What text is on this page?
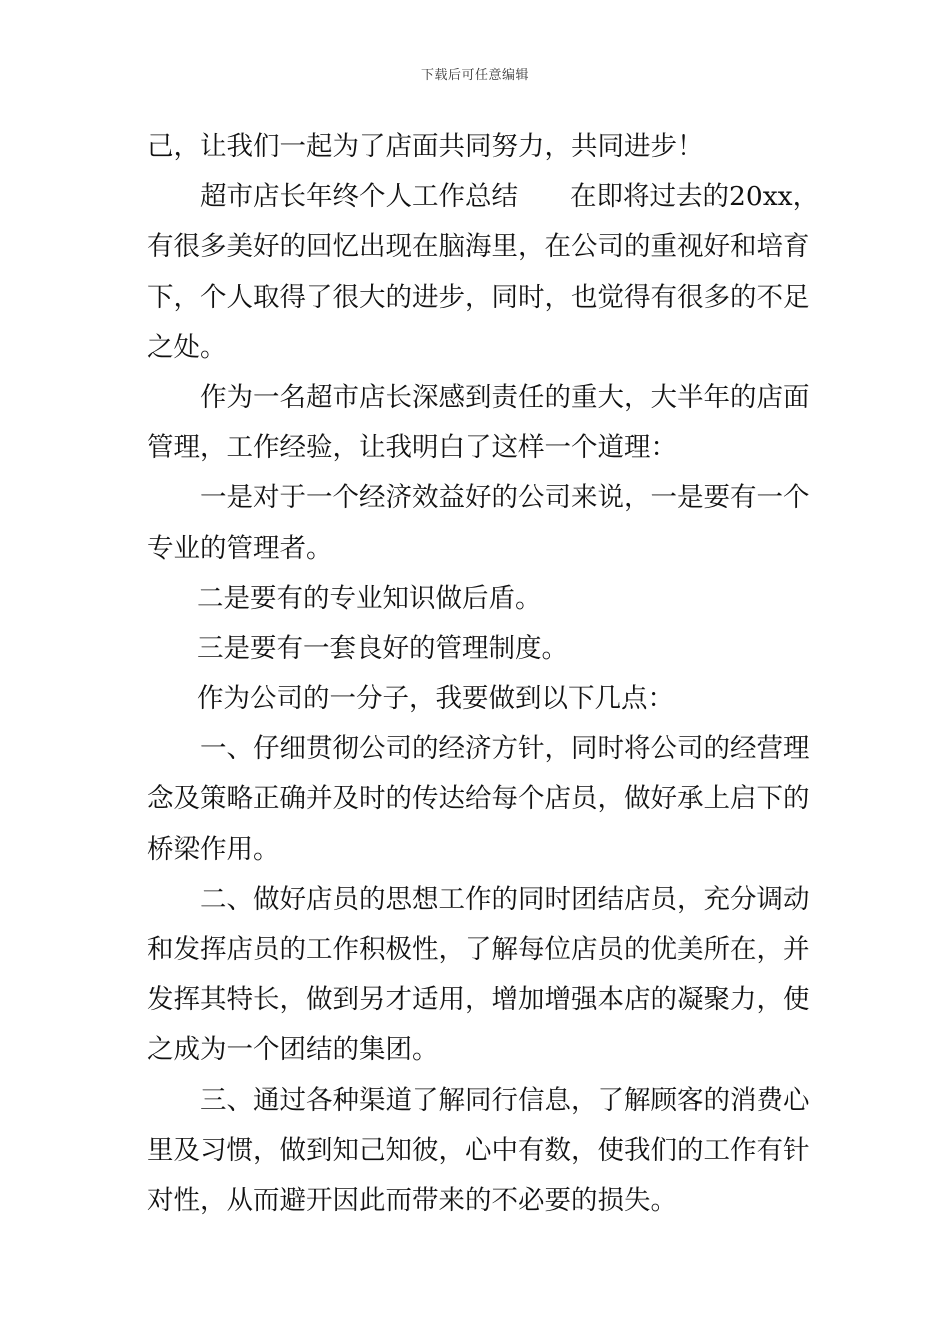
下载后可任意编辑
己，让我们一起为了店面共同努力，共同进步！
超市店长年终个人工作总结 在即将过去的20xx，
有很多美好的回忆出现在脑海里，在公司的重视好和培育
下，个人取得了很大的进步，同时，也觉得有很多的不足
之处。
作为一名超市店长深感到责任的重大，大半年的店面
管理，工作经验，让我明白了这样一个道理：
一是对于一个经济效益好的公司来说，一是要有一个
专业的管理者。
二是要有的专业知识做后盾。
三是要有一套良好的管理制度。
作为公司的一分子，我要做到以下几点：
一、仔细贯彻公司的经济方针，同时将公司的经营理
念及策略正确并及时的传达给每个店员，做好承上启下的
桥梁作用。
二、做好店员的思想工作的同时团结店员，充分调动
和发挥店员的工作积极性，了解每位店员的优美所在，并
发挥其特长，做到另才适用，增加增强本店的凝聚力，使
之成为一个团结的集团。
三、通过各种渠道了解同行信息，了解顾客的消费心
里及习惯，做到知己知彼，心中有数，使我们的工作有针
对性，从而避开因此而带来的不必要的损失。
